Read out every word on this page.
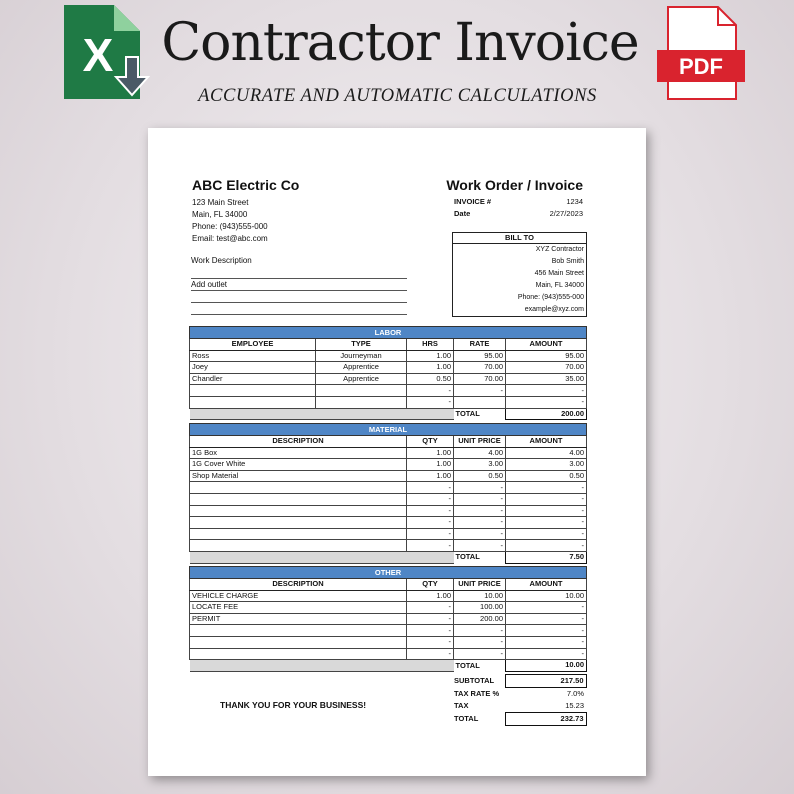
X Contractor Invoice
ACCURATE AND AUTOMATIC CALCULATIONS
PDF
ABC Electric Co
123 Main Street
Main, FL 34000
Phone: (943)555-000
Email: test@abc.com
Work Order / Invoice
INVOICE #	1234
Date	2/27/2023
BILL TO
XYZ Contractor
Bob Smith
456 Main Street
Main, FL 34000
Phone: (943)555-000
example@xyz.com
Work Description
Add outlet
LABOR				
EMPLOYEE	TYPE	HRS	RATE	AMOUNT
Ross	Journeyman	1.00	95.00	95.00
Joey	Apprentice	1.00	70.00	70.00
Chandler	Apprentice	0.50	70.00	35.00
		-	-	-
		-		-
			TOTAL	200.00
MATERIAL			
DESCRIPTION	QTY	UNIT PRICE	AMOUNT
1G Box	1.00	4.00	4.00
1G Cover White	1.00	3.00	3.00
Shop Material	1.00	0.50	0.50
	-	-	-
	-	-	-
	-	-	-
	-	-	-
	-	-	-
	-	-	-
		TOTAL	7.50
OTHER			
DESCRIPTION	QTY	UNIT PRICE	AMOUNT
VEHICLE CHARGE	1.00	10.00	10.00
LOCATE FEE	-	100.00	-
PERMIT	-	200.00	-
	-	-	-
	-	-	-
	-	-	-
		TOTAL	10.00
SUBTOTAL	217.50
TAX RATE %	7.0%
TAX	15.23
TOTAL	232.73
THANK YOU FOR YOUR BUSINESS!
